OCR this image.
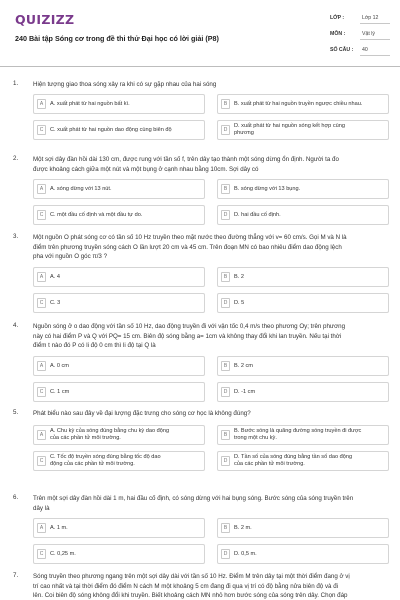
QUIZIZZ
240 Bài tập Sóng cơ trong đề thi thử Đại học có lời giải (P8)
LỚP :	Lớp 12
MÔN :	Vật lý
SỐ CÂU : 40
1. Hiện tượng giao thoa sóng xảy ra khi có sự gặp nhau của hai sóng
A	A. xuất phát từ hai nguồn bất kì.	B	B. xuất phát từ hai nguồn truyền ngược chiều nhau.
C	C. xuất phát từ hai nguồn dao động cùng biên độ	D
D. xuất phát từ hai nguồn sóng kết hợp cùng
phương
2. Một sợi dây đàn hồi dài 130 cm, được rung với tần số f, trên dây tạo thành một sóng dừng ổn định. Người ta đo
được khoảng cách giữa một nút và một bụng ở cạnh nhau bằng 10cm. Sợi dây có
A	A. sóng dừng với 13 nút.	B	B. sóng dừng với 13 bụng.
C	C. một đầu cố định và một đầu tự do.	D	D. hai đầu cố định.
3. Một nguồn O phát sóng cơ có tần số 10 Hz truyền theo mặt nước theo đường thẳng với v= 60 cm/s. Gọi M và N là
điểm trên phương truyền sóng cách O lần lượt 20 cm và 45 cm. Trên đoạn MN có bao nhiêu điểm dao động lệch
pha với nguồn O góc π/3 ?
A	A. 4	B	B. 2
C	C. 3	D	D. 5
4. Nguồn sóng ở o dao động với tần số 10 Hz, dao động truyền đi với vận tốc 0,4 m/s theo phương Oy; trên phương
này có hai điểm P và Q với PQ= 15 cm. Biên độ sóng bằng a= 1cm và không thay đổi khi lan truyền. Nếu tại thời
điểm t nào đó P có li độ 0 cm thì li độ tại Q là
A	A. 0 cm	B	B. 2 cm
C	C. 1 cm	D	D. -1 cm
5. Phát biểu nào sau đây về đại lượng đặc trưng cho sóng cơ học là không đúng?
A
A. Chu kỳ của sóng đúng bằng chu kỳ dao động
của các phần tử môi trường.	B
B. Bước sóng là quãng đường sóng truyền đi được
trong một chu kỳ.
C
C. Tốc độ truyền sóng đúng bằng tốc độ dao
động của các phần tử môi trường.	D
D. Tần số của sóng đúng bằng tần số dao động
của các phần tử môi trường.
6. Trên một sợi dây đàn hồi dài 1 m, hai đầu cố định, có sóng dừng với hai bụng sóng. Bước sóng của sóng truyền trên
dây là
A	A. 1 m.	B	B. 2 m.
C	C. 0,25 m.	D	D. 0,5 m.
7. Sóng truyền theo phương ngang trên một sợi dây dài với tần số 10 Hz. Điểm M trên dây tại một thời điểm đang ở vị
trí cao nhất và tại thời điểm đó điểm N cách M một khoảng 5 cm đang đi qua vị trí có độ bằng nửa biên độ và đi
lên. Coi biên độ sóng không đổi khi truyền. Biết khoảng cách MN nhỏ hơn bước sóng của sóng trên dây. Chọn đáp
